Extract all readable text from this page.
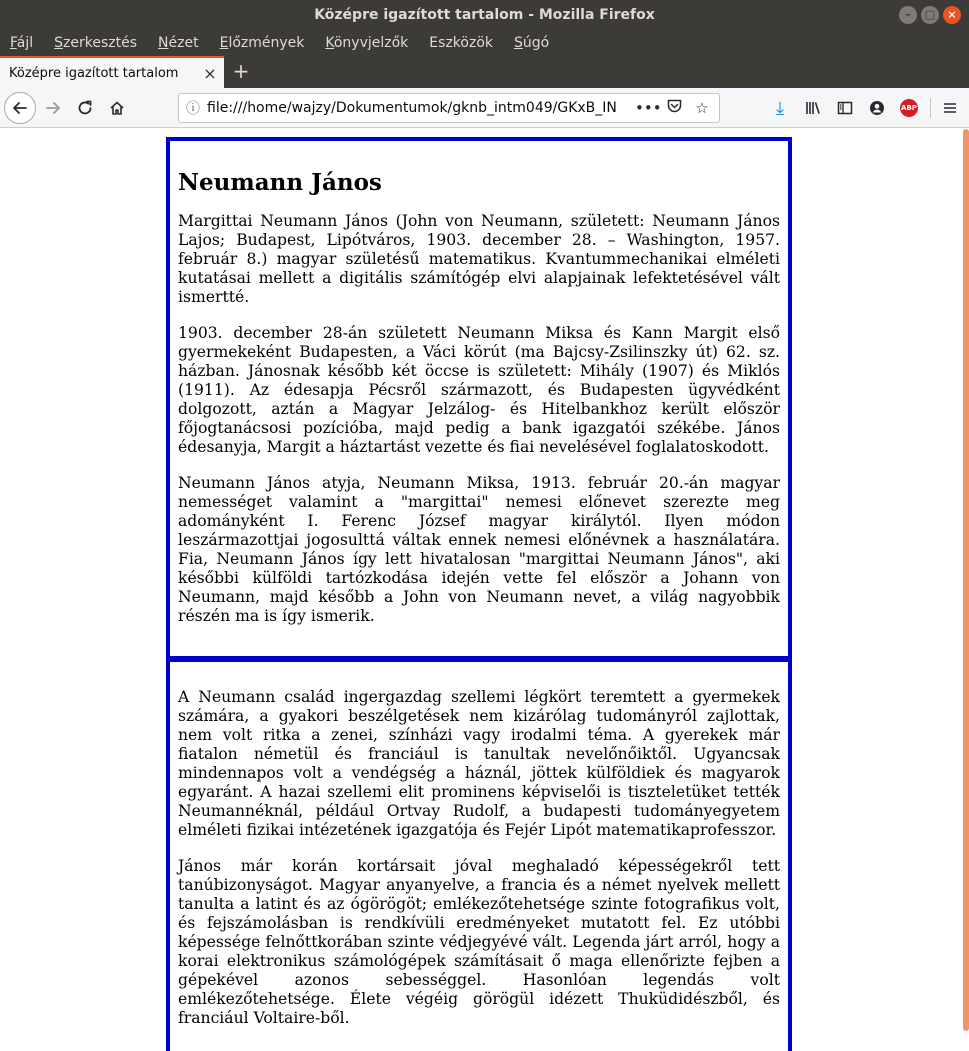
Középre igazított tartalom - Mozilla Firefox	–	□	×
Fájl Szerkesztés Nézet Előzmények Könyvjelzők Eszközök Súgó
Középre igazított tartalom	× +
ⓘ file:///home/wajzy/Dokumentumok/gknb_intm049/GKxB_IN	••• ☆	⤓	ABP
Neumann János

Margittai Neumann János (John von Neumann, született: Neumann János Lajos; Budapest, Lipótváros, 1903. december 28. – Washington, 1957. február 8.) magyar születésű matematikus. Kvantummechanikai elméleti kutatásai mellett a digitális számítógép elvi alapjainak lefektetésével vált ismertté.

1903. december 28-án született Neumann Miksa és Kann Margit első gyermekeként Budapesten, a Váci körút (ma Bajcsy-Zsilinszky út) 62. sz. házban. Jánosnak később két öccse is született: Mihály (1907) és Miklós (1911). Az édesapja Pécsről származott, és Budapesten ügyvédként dolgozott, aztán a Magyar Jelzálog- és Hitelbankhoz került először főjogtanácsosi pozícióba, majd pedig a bank igazgatói székébe. János édesanyja, Margit a háztartást vezette és fiai nevelésével foglalatoskodott.

Neumann János atyja, Neumann Miksa, 1913. február 20.-án magyar nemességet valamint a "margittai" nemesi előnevet szerezte meg adományként I. Ferenc József magyar királytól. Ilyen módon leszármazottjai jogosulttá váltak ennek nemesi előnévnek a használatára. Fia, Neumann János így lett hivatalosan "margittai Neumann János", aki későbbi külföldi tartózkodása idején vette fel először a Johann von Neumann, majd később a John von Neumann nevet, a világ nagyobbik részén ma is így ismerik.

A Neumann család ingergazdag szellemi légkört teremtett a gyermekek számára, a gyakori beszélgetések nem kizárólag tudományról zajlottak, nem volt ritka a zenei, színházi vagy irodalmi téma. A gyerekek már fiatalon németül és franciául is tanultak nevelőnőiktől. Ugyancsak mindennapos volt a vendégség a háznál, jöttek külföldiek és magyarok egyaránt. A hazai szellemi elit prominens képviselői is tiszteletüket tették Neumannéknál, például Ortvay Rudolf, a budapesti tudományegyetem elméleti fizikai intézetének igazgatója és Fejér Lipót matematikaprofesszor.

János már korán kortársait jóval meghaladó képességekről tett tanúbizonyságot. Magyar anyanyelve, a francia és a német nyelvek mellett tanulta a latint és az ógörögöt; emlékezőtehetsége szinte fotografikus volt, és fejszámolásban is rendkívüli eredményeket mutatott fel. Ez utóbbi képessége felnőttkorában szinte védjegyévé vált. Legenda járt arról, hogy a korai elektronikus számológépek számításait ő maga ellenőrizte fejben a gépekével azonos sebességgel. Hasonlóan legendás volt emlékezőtehetsége. Élete végéig görögül idézett Thuküdidészből, és franciául Voltaire-ből.
